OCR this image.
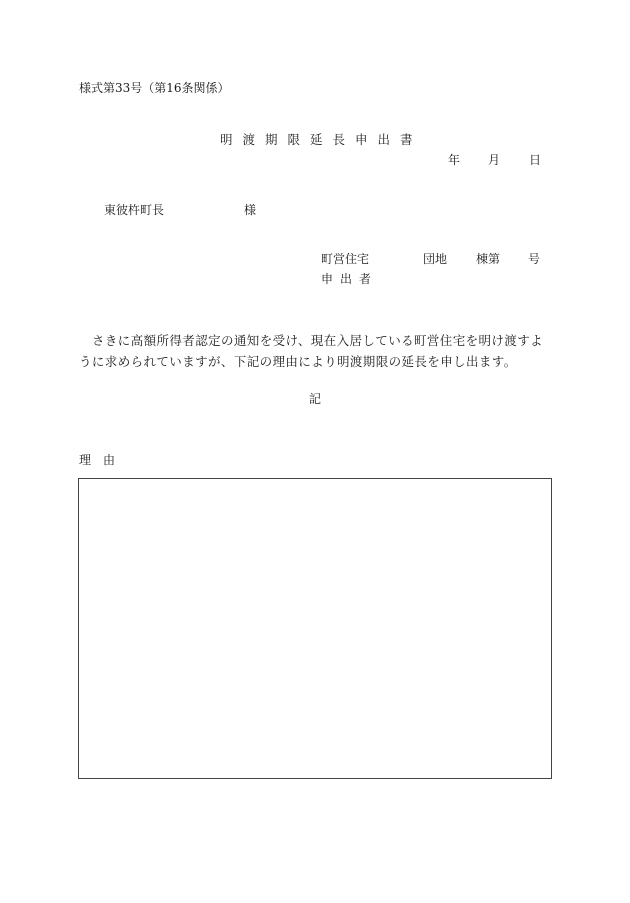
様式第33号（第16条関係）
明渡期限延長申出書
年 月 日
東彼杵町長	様
町営住宅	団地 棟第 号
申出者
さきに高額所得者認定の通知を受け、現在入居している町営住宅を明け渡すように求められていますが、下記の理由により明渡期限の延長を申し出ます。
記
理由
